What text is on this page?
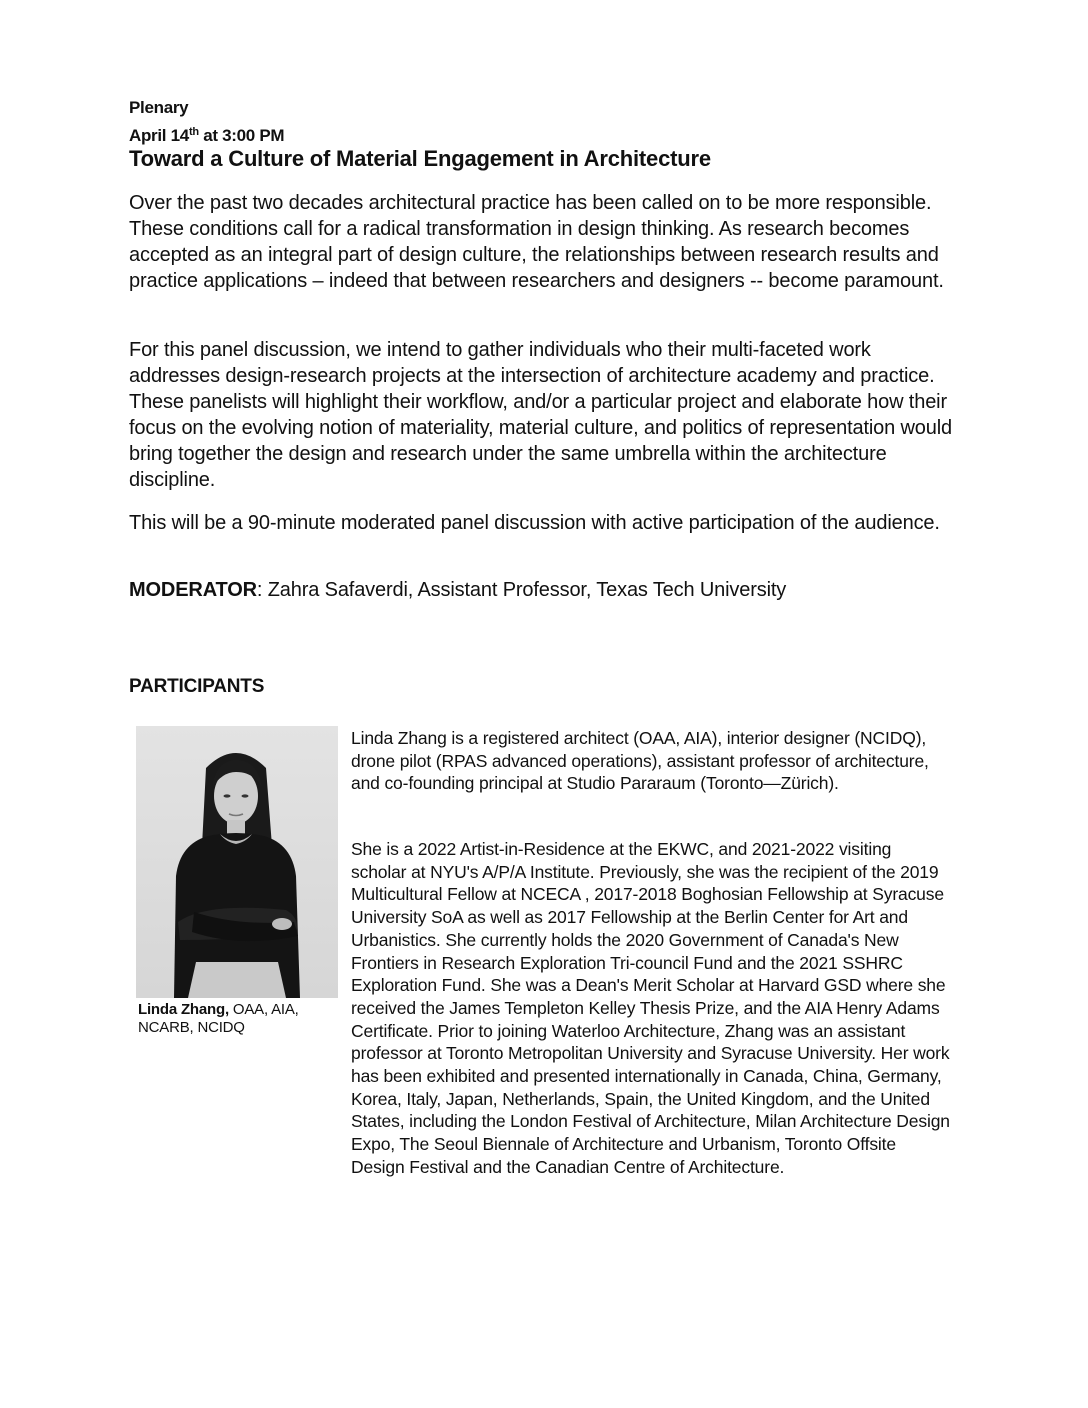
Plenary
April 14th at 3:00 PM
Toward a Culture of Material Engagement in Architecture

Over the past two decades architectural practice has been called on to be more responsible. These conditions call for a radical transformation in design thinking. As research becomes accepted as an integral part of design culture, the relationships between research results and practice applications – indeed that between researchers and designers -- become paramount.

For this panel discussion, we intend to gather individuals who their multi-faceted work addresses design-research projects at the intersection of architecture academy and practice. These panelists will highlight their workflow, and/or a particular project and elaborate how their focus on the evolving notion of materiality, material culture, and politics of representation would bring together the design and research under the same umbrella within the architecture discipline.

This will be a 90-minute moderated panel discussion with active participation of the audience.

MODERATOR: Zahra Safaverdi, Assistant Professor, Texas Tech University

PARTICIPANTS
Linda Zhang, OAA, AIA, NCARB, NCIDQ

Linda Zhang is a registered architect (OAA, AIA), interior designer (NCIDQ), drone pilot (RPAS advanced operations), assistant professor of architecture, and co-founding principal at Studio Pararaum (Toronto—Zürich).

She is a 2022 Artist-in-Residence at the EKWC, and 2021-2022 visiting scholar at NYU's A/P/A Institute. Previously, she was the recipient of the 2019 Multicultural Fellow at NCECA , 2017-2018 Boghosian Fellowship at Syracuse University SoA as well as 2017 Fellowship at the Berlin Center for Art and Urbanistics. She currently holds the 2020 Government of Canada's New Frontiers in Research Exploration Tri-council Fund and the 2021 SSHRC Exploration Fund. She was a Dean's Merit Scholar at Harvard GSD where she received the James Templeton Kelley Thesis Prize, and the AIA Henry Adams Certificate. Prior to joining Waterloo Architecture, Zhang was an assistant professor at Toronto Metropolitan University and Syracuse University. Her work has been exhibited and presented internationally in Canada, China, Germany, Korea, Italy, Japan, Netherlands, Spain, the United Kingdom, and the United States, including the London Festival of Architecture, Milan Architecture Design Expo, The Seoul Biennale of Architecture and Urbanism, Toronto Offsite Design Festival and the Canadian Centre of Architecture.
